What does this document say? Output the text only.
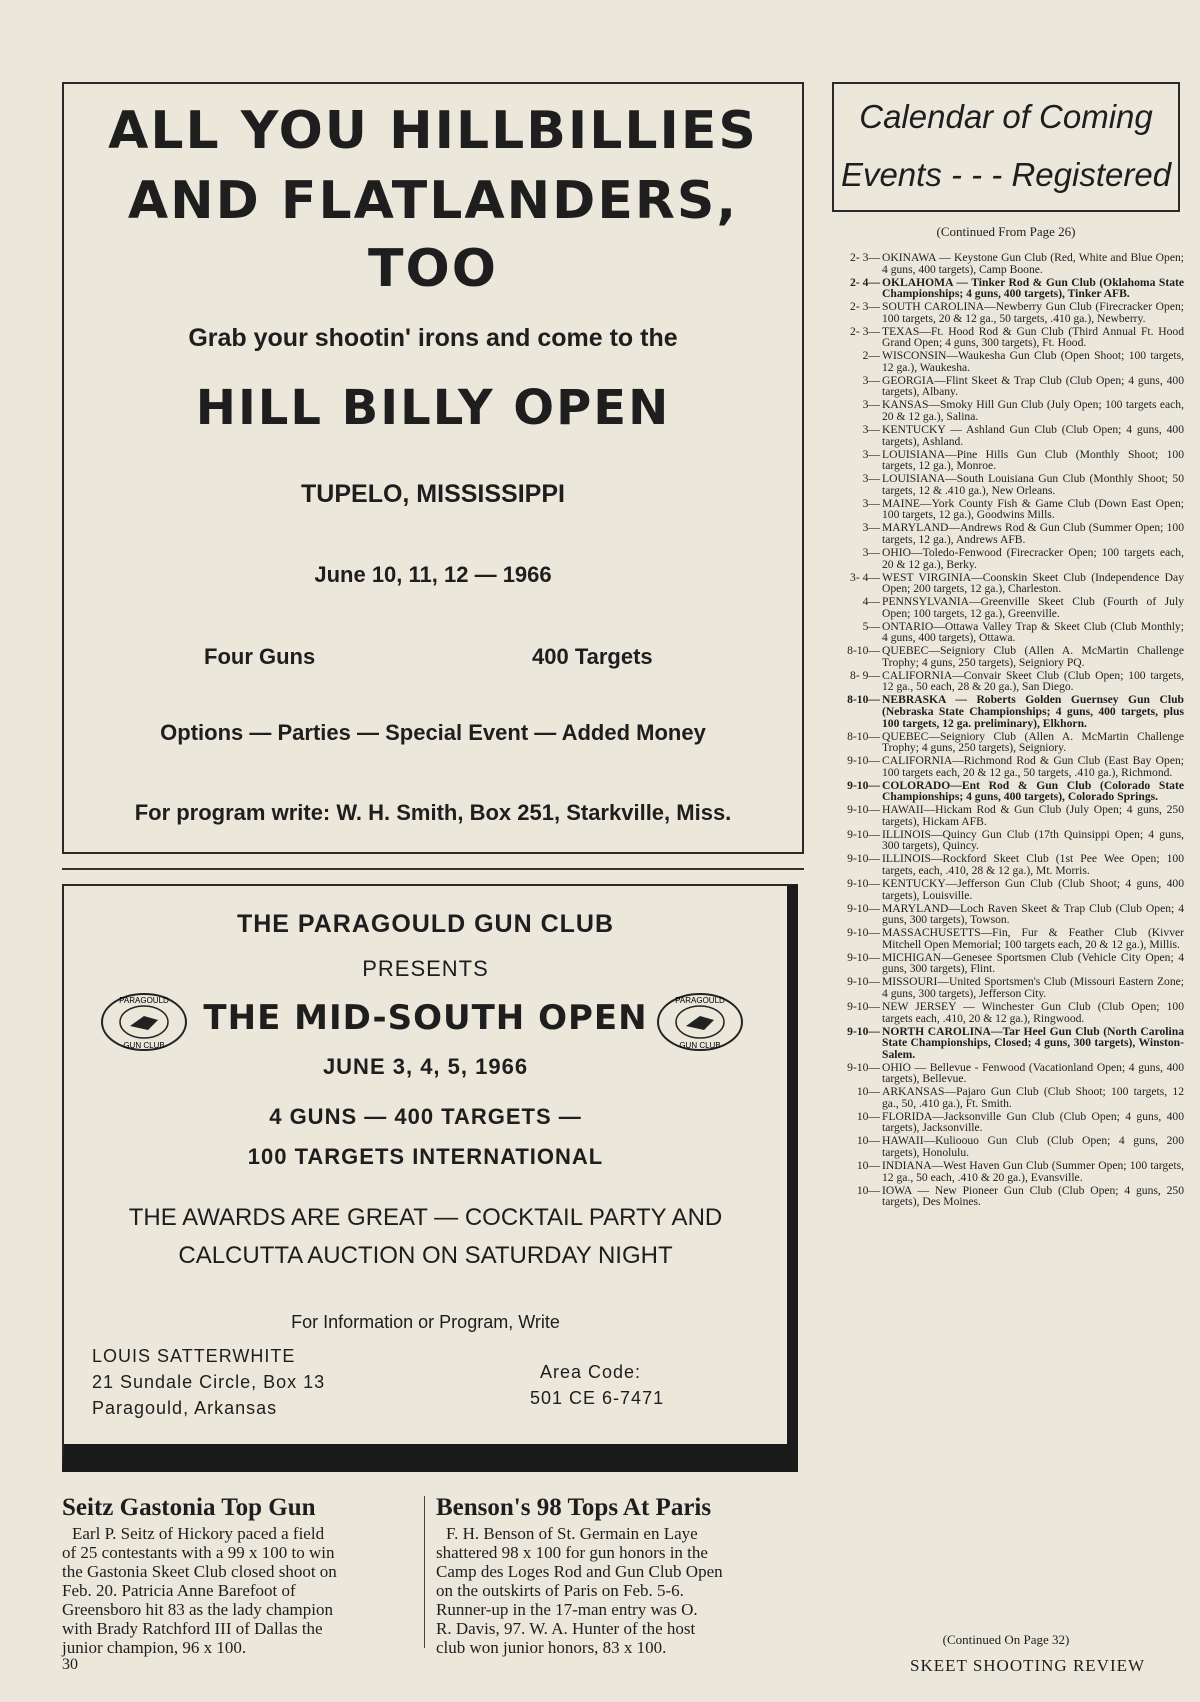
ALL YOU HILLBILLIES
AND FLATLANDERS,
TOO
Grab your shootin' irons and come to the
HILL BILLY OPEN
TUPELO, MISSISSIPPI
June 10, 11, 12 — 1966
Four Guns	400 Targets
Options — Parties — Special Event — Added Money
For program write: W. H. Smith, Box 251, Starkville, Miss.
THE PARAGOULD GUN CLUB
PRESENTS
PARAGOULD
GUN CLUB
PARAGOULD
GUN CLUB
THE MID-SOUTH OPEN
JUNE 3, 4, 5, 1966
4 GUNS — 400 TARGETS —
100 TARGETS INTERNATIONAL
THE AWARDS ARE GREAT — COCKTAIL PARTY AND
CALCUTTA AUCTION ON SATURDAY NIGHT
For Information or Program, Write
LOUIS SATTERWHITE
21 Sundale Circle, Box 13
Paragould, Arkansas
Area Code:
501 CE 6-7471
Seitz Gastonia Top Gun
Earl P. Seitz of Hickory paced a field
of 25 contestants with a 99 x 100 to win
the Gastonia Skeet Club closed shoot on
Feb. 20. Patricia Anne Barefoot of
Greensboro hit 83 as the lady champion
with Brady Ratchford III of Dallas the
junior champion, 96 x 100.
Benson's 98 Tops At Paris
F. H. Benson of St. Germain en Laye
shattered 98 x 100 for gun honors in the
Camp des Loges Rod and Gun Club Open
on the outskirts of Paris on Feb. 5-6.
Runner-up in the 17-man entry was O.
R. Davis, 97. W. A. Hunter of the host
club won junior honors, 83 x 100.
Calendar of Coming
Events - - - Registered
(Continued From Page 26)
2- 3— OKINAWA — Keystone Gun Club (Red, White and Blue Open; 4 guns, 400 targets), Camp Boone.
2- 4— OKLAHOMA — Tinker Rod & Gun Club (Oklahoma State Championships; 4 guns, 400 targets), Tinker AFB.
2- 3— SOUTH CAROLINA—Newberry Gun Club (Firecracker Open; 100 targets, 20 & 12 ga., 50 targets, .410 ga.), Newberry.
2- 3— TEXAS—Ft. Hood Rod & Gun Club (Third Annual Ft. Hood Grand Open; 4 guns, 300 targets), Ft. Hood.
2— WISCONSIN—Waukesha Gun Club (Open Shoot; 100 targets, 12 ga.), Waukesha.
3— GEORGIA—Flint Skeet & Trap Club (Club Open; 4 guns, 400 targets), Albany.
3— KANSAS—Smoky Hill Gun Club (July Open; 100 targets each, 20 & 12 ga.), Salina.
3— KENTUCKY — Ashland Gun Club (Club Open; 4 guns, 400 targets), Ashland.
3— LOUISIANA—Pine Hills Gun Club (Monthly Shoot; 100 targets, 12 ga.), Monroe.
3— LOUISIANA—South Louisiana Gun Club (Monthly Shoot; 50 targets, 12 & .410 ga.), New Orleans.
3— MAINE—York County Fish & Game Club (Down East Open; 100 targets, 12 ga.), Goodwins Mills.
3— MARYLAND—Andrews Rod & Gun Club (Summer Open; 100 targets, 12 ga.), Andrews AFB.
3— OHIO—Toledo-Fenwood (Firecracker Open; 100 targets each, 20 & 12 ga.), Berky.
3- 4— WEST VIRGINIA—Coonskin Skeet Club (Independence Day Open; 200 targets, 12 ga.), Charleston.
4— PENNSYLVANIA—Greenville Skeet Club (Fourth of July Open; 100 targets, 12 ga.), Greenville.
5— ONTARIO—Ottawa Valley Trap & Skeet Club (Club Monthly; 4 guns, 400 targets), Ottawa.
8-10— QUEBEC—Seigniory Club (Allen A. McMartin Challenge Trophy; 4 guns, 250 targets), Seigniory PQ.
8- 9— CALIFORNIA—Convair Skeet Club (Club Open; 100 targets, 12 ga., 50 each, 28 & 20 ga.), San Diego.
8-10— NEBRASKA — Roberts Golden Guernsey Gun Club (Nebraska State Championships; 4 guns, 400 targets, plus 100 targets, 12 ga. preliminary), Elkhorn.
8-10— QUEBEC—Seigniory Club (Allen A. McMartin Challenge Trophy; 4 guns, 250 targets), Seigniory.
9-10— CALIFORNIA—Richmond Rod & Gun Club (East Bay Open; 100 targets each, 20 & 12 ga., 50 targets, .410 ga.), Richmond.
9-10— COLORADO—Ent Rod & Gun Club (Colorado State Championships; 4 guns, 400 targets), Colorado Springs.
9-10— HAWAII—Hickam Rod & Gun Club (July Open; 4 guns, 250 targets), Hickam AFB.
9-10— ILLINOIS—Quincy Gun Club (17th Quinsippi Open; 4 guns, 300 targets), Quincy.
9-10— ILLINOIS—Rockford Skeet Club (1st Pee Wee Open; 100 targets, each, .410, 28 & 12 ga.), Mt. Morris.
9-10— KENTUCKY—Jefferson Gun Club (Club Shoot; 4 guns, 400 targets), Louisville.
9-10— MARYLAND—Loch Raven Skeet & Trap Club (Club Open; 4 guns, 300 targets), Towson.
9-10— MASSACHUSETTS—Fin, Fur & Feather Club (Kivver Mitchell Open Memorial; 100 targets each, 20 & 12 ga.), Millis.
9-10— MICHIGAN—Genesee Sportsmen Club (Vehicle City Open; 4 guns, 300 targets), Flint.
9-10— MISSOURI—United Sportsmen's Club (Missouri Eastern Zone; 4 guns, 300 targets), Jefferson City.
9-10— NEW JERSEY — Winchester Gun Club (Club Open; 100 targets each, .410, 20 & 12 ga.), Ringwood.
9-10— NORTH CAROLINA—Tar Heel Gun Club (North Carolina State Championships, Closed; 4 guns, 300 targets), Winston-Salem.
9-10— OHIO — Bellevue - Fenwood (Vacationland Open; 4 guns, 400 targets), Bellevue.
10— ARKANSAS—Pajaro Gun Club (Club Shoot; 100 targets, 12 ga., 50, .410 ga.), Ft. Smith.
10— FLORIDA—Jacksonville Gun Club (Club Open; 4 guns, 400 targets), Jacksonville.
10— HAWAII—Kulioouo Gun Club (Club Open; 4 guns, 200 targets), Honolulu.
10— INDIANA—West Haven Gun Club (Summer Open; 100 targets, 12 ga., 50 each, .410 & 20 ga.), Evansville.
10— IOWA — New Pioneer Gun Club (Club Open; 4 guns, 250 targets), Des Moines.
(Continued On Page 32)
30	SKEET SHOOTING REVIEW
